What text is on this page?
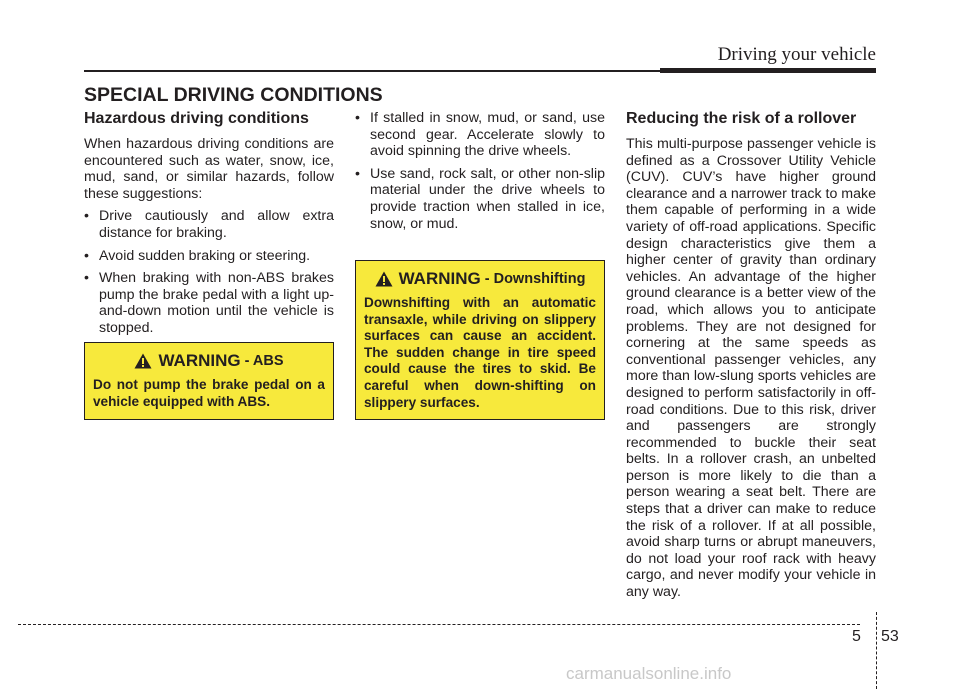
Driving your vehicle
SPECIAL DRIVING CONDITIONS
Hazardous driving conditions

When hazardous driving conditions are encountered such as water, snow, ice, mud, sand, or similar hazards, follow these suggestions:

• Drive cautiously and allow extra distance for braking.
• Avoid sudden braking or steering.
• When braking with non-ABS brakes pump the brake pedal with a light up-and-down motion until the vehicle is stopped.
• If stalled in snow, mud, or sand, use second gear. Accelerate slowly to avoid spinning the drive wheels.
• Use sand, rock salt, or other non-slip material under the drive wheels to provide traction when stalled in ice, snow, or mud.
WARNING - ABS
Do not pump the brake pedal on a vehicle equipped with ABS.
WARNING - Downshifting
Downshifting with an automatic transaxle, while driving on slippery surfaces can cause an accident. The sudden change in tire speed could cause the tires to skid. Be careful when down-shifting on slippery surfaces.
Reducing the risk of a rollover

This multi-purpose passenger vehicle is defined as a Crossover Utility Vehicle (CUV). CUV’s have higher ground clearance and a narrower track to make them capable of performing in a wide variety of off-road applications. Specific design characteristics give them a higher center of gravity than ordinary vehicles. An advantage of the higher ground clearance is a better view of the road, which allows you to anticipate problems. They are not designed for cornering at the same speeds as conventional passenger vehicles, any more than low-slung sports vehicles are designed to perform satisfactorily in off-road conditions. Due to this risk, driver and passengers are strongly recommended to buckle their seat belts. In a rollover crash, an unbelted person is more likely to die than a person wearing a seat belt. There are steps that a driver can make to reduce the risk of a rollover. If at all possible, avoid sharp turns or abrupt maneuvers, do not load your roof rack with heavy cargo, and never modify your vehicle in any way.

5 53
carmanualsonline.info
